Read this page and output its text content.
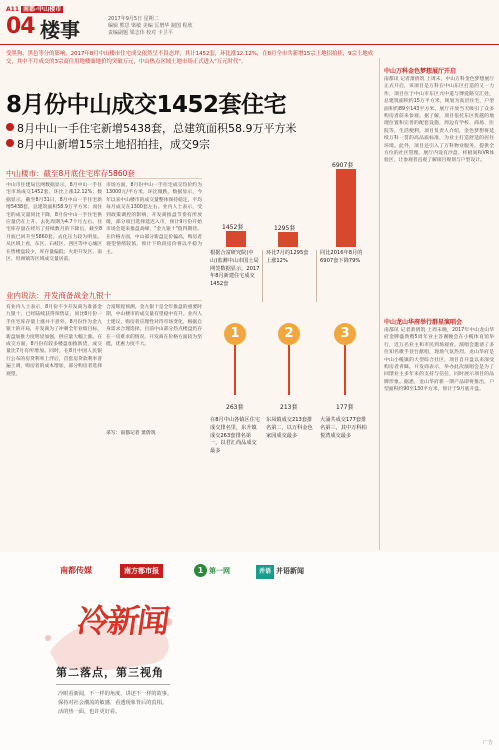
A11 南都·中山楼市
04 楼事	2017年9月5日 星期二
编辑 熊思 梁敏 美编 匡增华 制图 程欣
责编副题 梁志伟 校对 卡卫平
受黑狗、黑色等分的影响，2017年8月中山楼市住宅成交依然呈不畏态坪，其计1452套，环比涨12.12%，在8月全市共新增15宗土地招拍挂，9宗土地成交，其中不月成交的3宗商住用地楼面地价均突破万元，中山热点区域土地市场正式进入"万元时代"。
8月份中山成交1452套住宅
8月中山一手住宅新增5438套，总建筑面积58.9万平方米
8月中山新增15宗土地招拍挂，成交9宗
中山楼市：截至8月底住宅库存5860套
中山市住建局官网数据显示，8月中山一手住宅市场成交1452套，环比上涨12.12%；数据显示，截至8月31日，8月中山一手住宅新增5438套，总建筑面积58.9万平方米；而住宅的成交量同比下降，8月份中山一手住宅供应量仍在上升，去化周期为4.7个月左右。住宅库存量在经历了持续数月的下降后，截至8月底已回升至5860套，去化压力较为明显。从区域上看，东区、石岐区、西区等中心城区在售楼盘较少，库存量偏低；火炬开发区、南区、坦洲镇等区域成交量居前。
市场方面，8月份中山一手住宅成交均价约为13000元/平方米，环比微跌。数据显示，今年以来中山楼市的成交量整体保持稳定，平均每月成交在1300套左右。业内人士表示，受到政策调控的影响，开发商推盘节奏有所放缓，部分项目选择延迟入市，预计9月份开始市场会迎来推盘高峰，"金九银十"值得期待。在价格方面，中山部分新盘定价偏高，购房者观望情绪较浓，预计下阶段房价将以平稳为主。
业内说法：开发商备战金九银十
有业内人士表示，8月份不少开发商为准备金九银十，已经陆续获得预售证，同比8月份一手住宅库存量上涨并不意外。8月份作为金九银十的开局，开发商为了冲刺全年业绩目标，新盘加推力度明显加强，供应量大幅上涨。在成交方面，8月份有较多楼盘加推新货，成交量比7月有所增加。同时，在8月中国人民银行公布的房贷利率上浮后，首套房贷款利率普遍上调，购房者的成本增加，部分购房者选择观望。
合富辉煌预测，金九银十是全年推盘的重要时期，中山楼市的成交量有望稳中有升。业内人士建议，购房者应理性对待市场变化，根据自身需求合理选择。目前中山部分热点楼盘仍存在一房难求的情况，开发商在价格方面较为坚挺，优惠力度不大。
采写：南都记者 萧倩筑
1452套	1295套
6907套
根据合富研究院(中山)监测中山市国土局网签数据显示，2017年8月新建住宅成交1452套
环比7月的1295套上涨12%
同比2016年8月的6907套下降79%
1
263套
2
213套
3
177套
在8月中山各镇区住宅成交排名里，东升镇成交263套排名第一，以君汇尚品成交最多
东凤镇成交213套排名第二，以万科金色家园成交最多
大涌共成交177套排名第三，其中万科柏悦湾成交最多
中山万科金色梦想展厅开启
南都讯 记者萧倩筑 上周末，中山万科金色梦想展厅正式开启，该项目是万科在中山东区打造的又一力作，项目位于中山市东区兴中道与博爱路交汇处，总建筑面积约15万平方米，规划为高层住宅，户型面积约89至143平方米。展厅开放当天吸引了众多购房者前来参观。据了解，项目依托东区优越的地理位置和完善的配套设施，周边有学校、商场、医院等，生活便利。项目负责人介绍，金色梦想将延续万科一贯的高品质标准，为业主打造舒适的居住环境。此外，项目还引入了万科物业服务，提供全方位的社区管理。展厅内设有沙盘、样板间和VR体验区，让参观者直观了解项目规划与户型设计。
中山龙山华府举行群星演唱会
南都讯 记者萧倩筑 上周末晚，2017年中山龙山华府金牌盛典暨5周年业主答谢晚会在小榄体育馆举行，近万名业主和市民到场观看。演唱会邀请了多位知名歌手登台献唱，现场气氛热烈。龙山华府是中山小榄镇的大型综合社区，项目自开盘以来深受购房者青睐。开发商表示，举办此次演唱会是为了回馈业主多年来的支持与信任，同时展示项目的品牌形象。据悉，龙山华府新一期产品即将推出，户型面积约90至130平方米，预计于9月底开盘。
南都传媒	南方都市报	1 第一网	并语 并语新闻
冷新闻
第二落点，第三视角
冷眼看新闻，不一样的角度，讲述不一样的故事。
保持对社会潮流的敏感，看透现象背后的真相。
活的热一面，也许更好看。
广告
